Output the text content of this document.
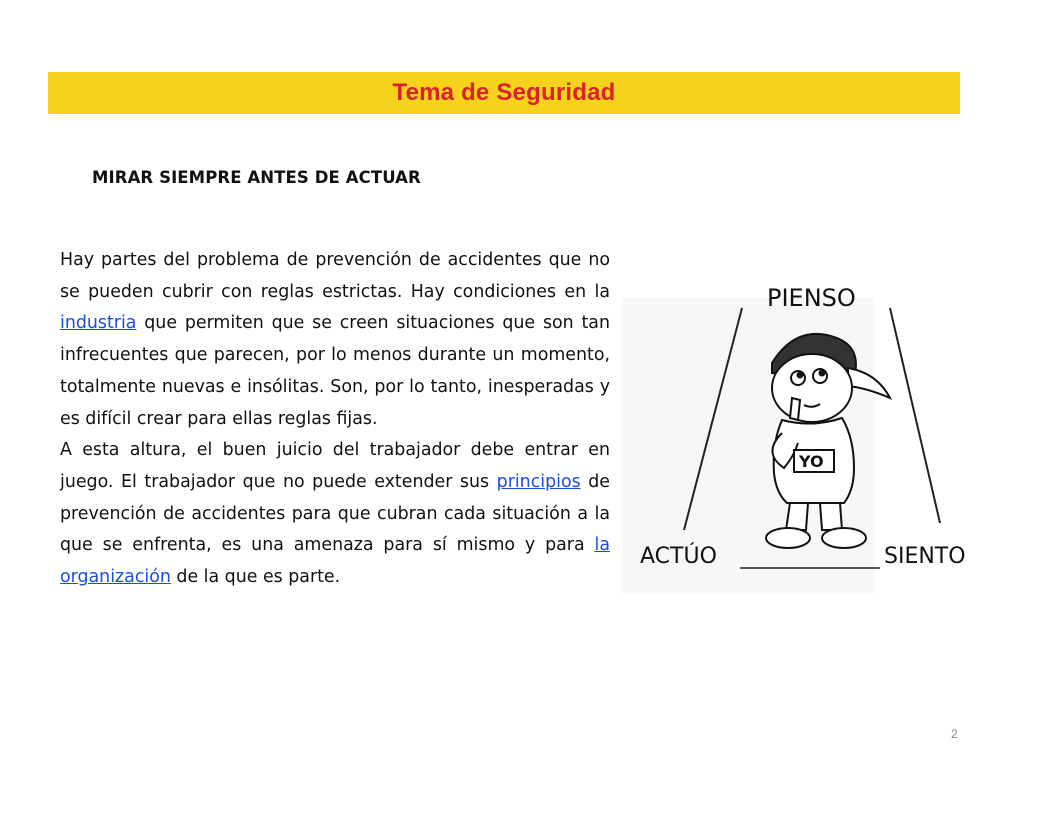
Tema de Seguridad
MIRAR SIEMPRE ANTES DE ACTUAR

Hay partes del problema de prevención de accidentes que no se pueden cubrir con reglas estrictas. Hay condiciones en la industria que permiten que se creen situaciones que son tan infrecuentes que parecen, por lo menos durante un momento, totalmente nuevas e insólitas. Son, por lo tanto, inesperadas y es difícil crear para ellas reglas fijas.

A esta altura, el buen juicio del trabajador debe entrar en juego. El trabajador que no puede extender sus principios de prevención de accidentes para que cubran cada situación a la que se enfrenta, es una amenaza para sí mismo y para la organización de la que es parte.

PIENSO
ACTÚO	SIENTO
YO
2
